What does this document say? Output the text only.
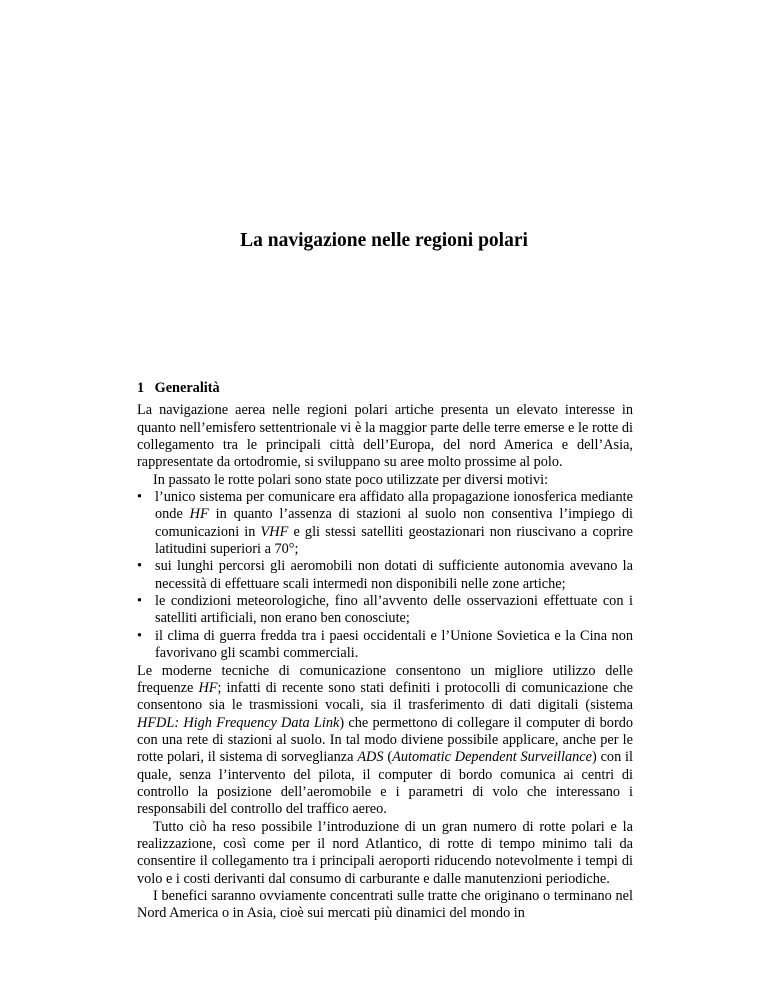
La navigazione nelle regioni polari
1 Generalità

La navigazione aerea nelle regioni polari artiche presenta un elevato interesse in quanto nell’emisfero settentrionale vi è la maggior parte delle terre emerse e le rotte di collegamento tra le principali città dell’Europa, del nord America e dell’Asia, rappresentate da ortodromie, si sviluppano su aree molto prossime al polo.

In passato le rotte polari sono state poco utilizzate per diversi motivi:

• l’unico sistema per comunicare era affidato alla propagazione ionosferica mediante onde HF in quanto l’assenza di stazioni al suolo non consentiva l’impiego di comunicazioni in VHF e gli stessi satelliti geostazionari non riuscivano a coprire latitudini superiori a 70°;
• sui lunghi percorsi gli aeromobili non dotati di sufficiente autonomia avevano la necessità di effettuare scali intermedi non disponibili nelle zone artiche;
• le condizioni meteorologiche, fino all’avvento delle osservazioni effettuate con i satelliti artificiali, non erano ben conosciute;
• il clima di guerra fredda tra i paesi occidentali e l’Unione Sovietica e la Cina non favorivano gli scambi commerciali.

Le moderne tecniche di comunicazione consentono un migliore utilizzo delle frequenze HF; infatti di recente sono stati definiti i protocolli di comunicazione che consentono sia le trasmissioni vocali, sia il trasferimento di dati digitali (sistema HFDL: High Frequency Data Link) che permettono di collegare il computer di bordo con una rete di stazioni al suolo. In tal modo diviene possibile applicare, anche per le rotte polari, il sistema di sorveglianza ADS (Automatic Dependent Surveillance) con il quale, senza l’intervento del pilota, il computer di bordo comunica ai centri di controllo la posizione dell’aeromobile e i parametri di volo che interessano i responsabili del controllo del traffico aereo.

Tutto ciò ha reso possibile l’introduzione di un gran numero di rotte polari e la realizzazione, così come per il nord Atlantico, di rotte di tempo minimo tali da consentire il collegamento tra i principali aeroporti riducendo notevolmente i tempi di volo e i costi derivanti dal consumo di carburante e dalle manutenzioni periodiche.

I benefici saranno ovviamente concentrati sulle tratte che originano o terminano nel Nord America o in Asia, cioè sui mercati più dinamici del mondo in
